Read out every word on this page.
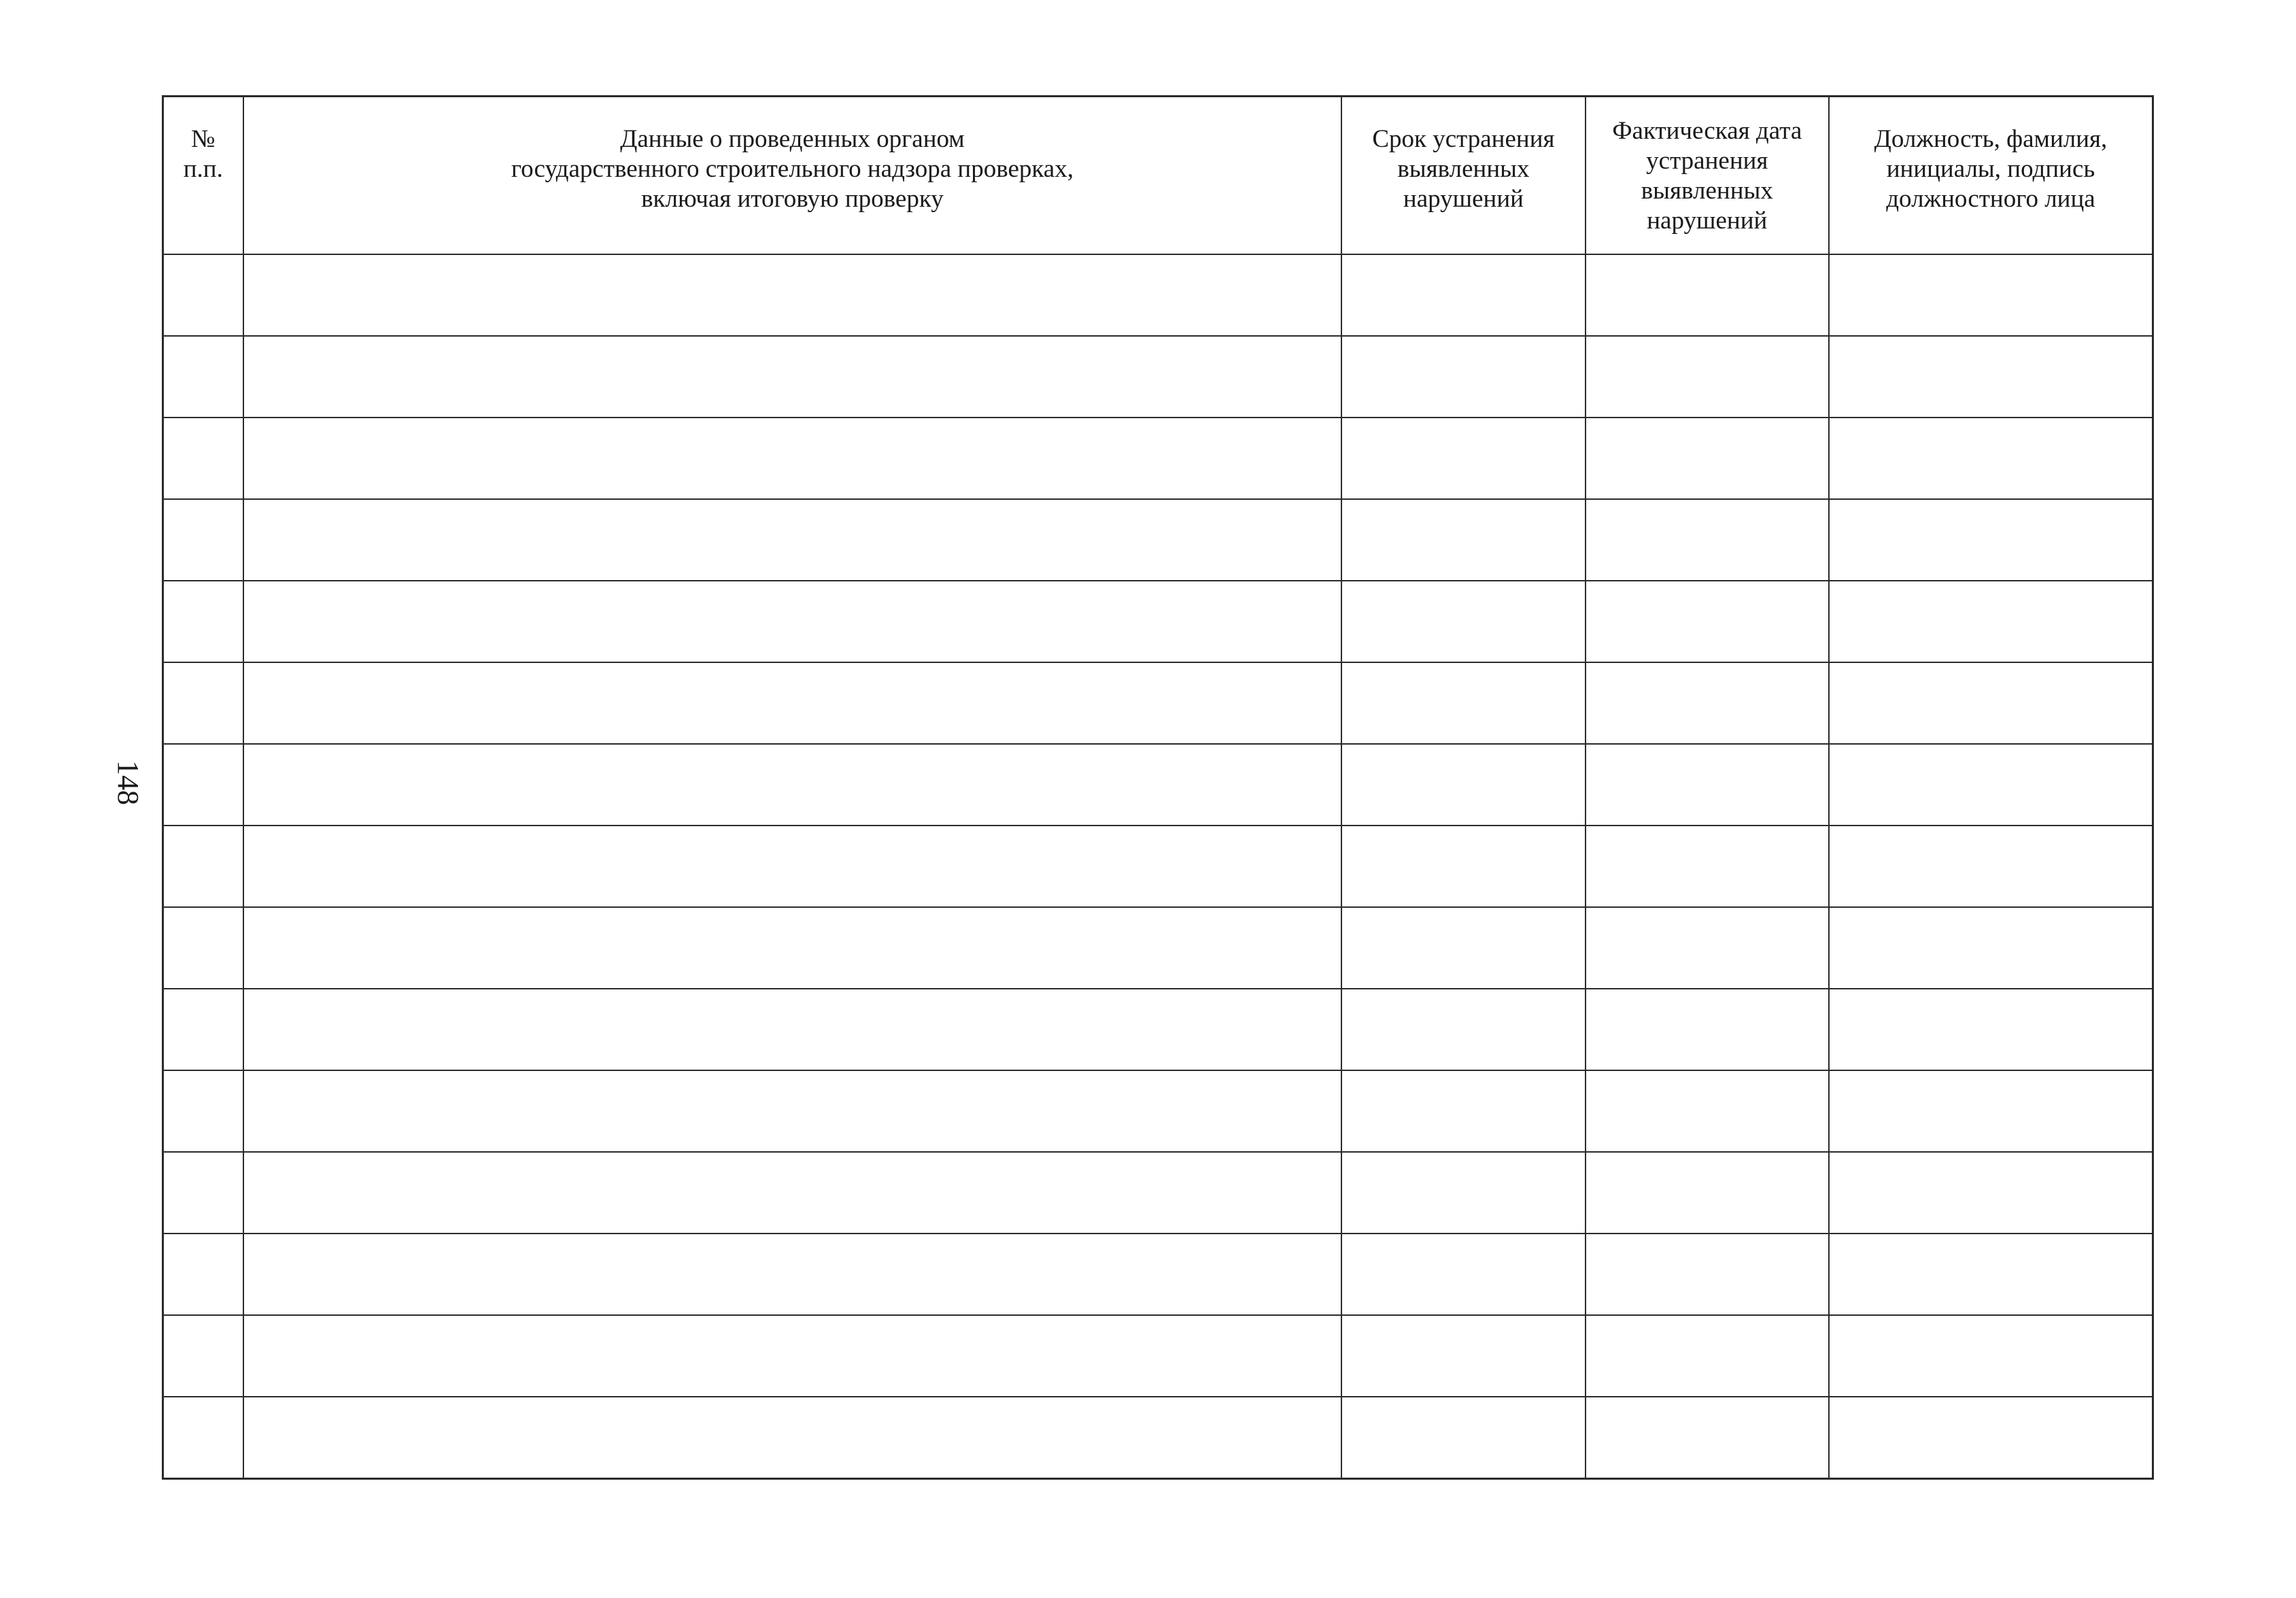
148
№
п.п.	Данные о проведенных органом
государственного строительного надзора проверках,
включая итоговую проверку	Срок устранения
выявленных
нарушений	Фактическая дата
устранения
выявленных
нарушений	Должность, фамилия,
инициалы, подпись
должностного лица
